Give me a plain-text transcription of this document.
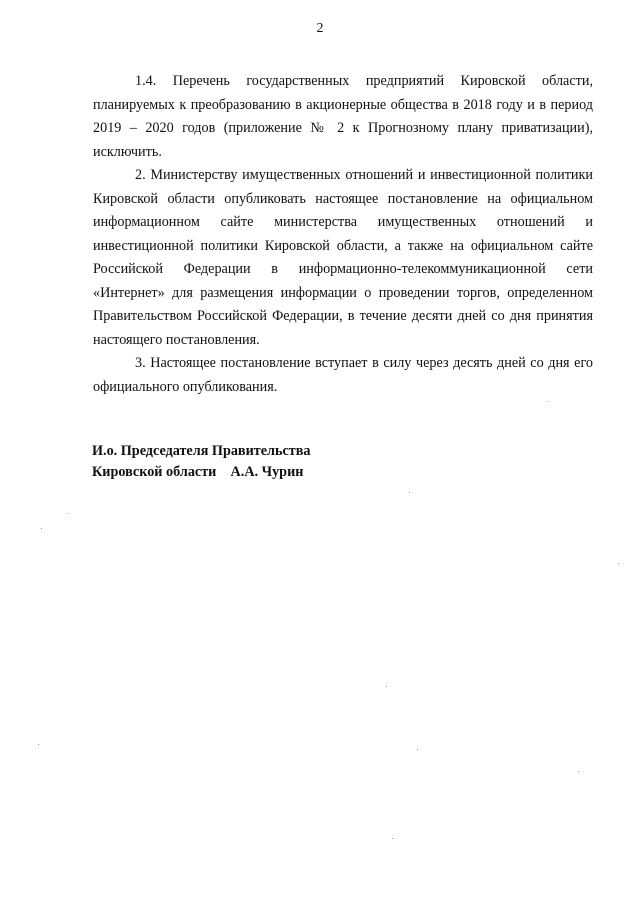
2

1.4. Перечень государственных предприятий Кировской области, планируемых к преобразованию в акционерные общества в 2018 году и в период 2019 – 2020 годов (приложение № 2 к Прогнозному плану приватизации), исключить.

2. Министерству имущественных отношений и инвестиционной политики Кировской области опубликовать настоящее постановление на официальном информационном сайте министерства имущественных отношений и инвестиционной политики Кировской области, а также на официальном сайте Российской Федерации в информационно-телекоммуникационной сети «Интернет» для размещения информации о проведении торгов, определенном Правительством Российской Федерации, в течение десяти дней со дня принятия настоящего постановления.

3. Настоящее постановление вступает в силу через десять дней со дня его официального опубликования.

И.о. Председателя Правительства
Кировской области    А.А. Чурин
